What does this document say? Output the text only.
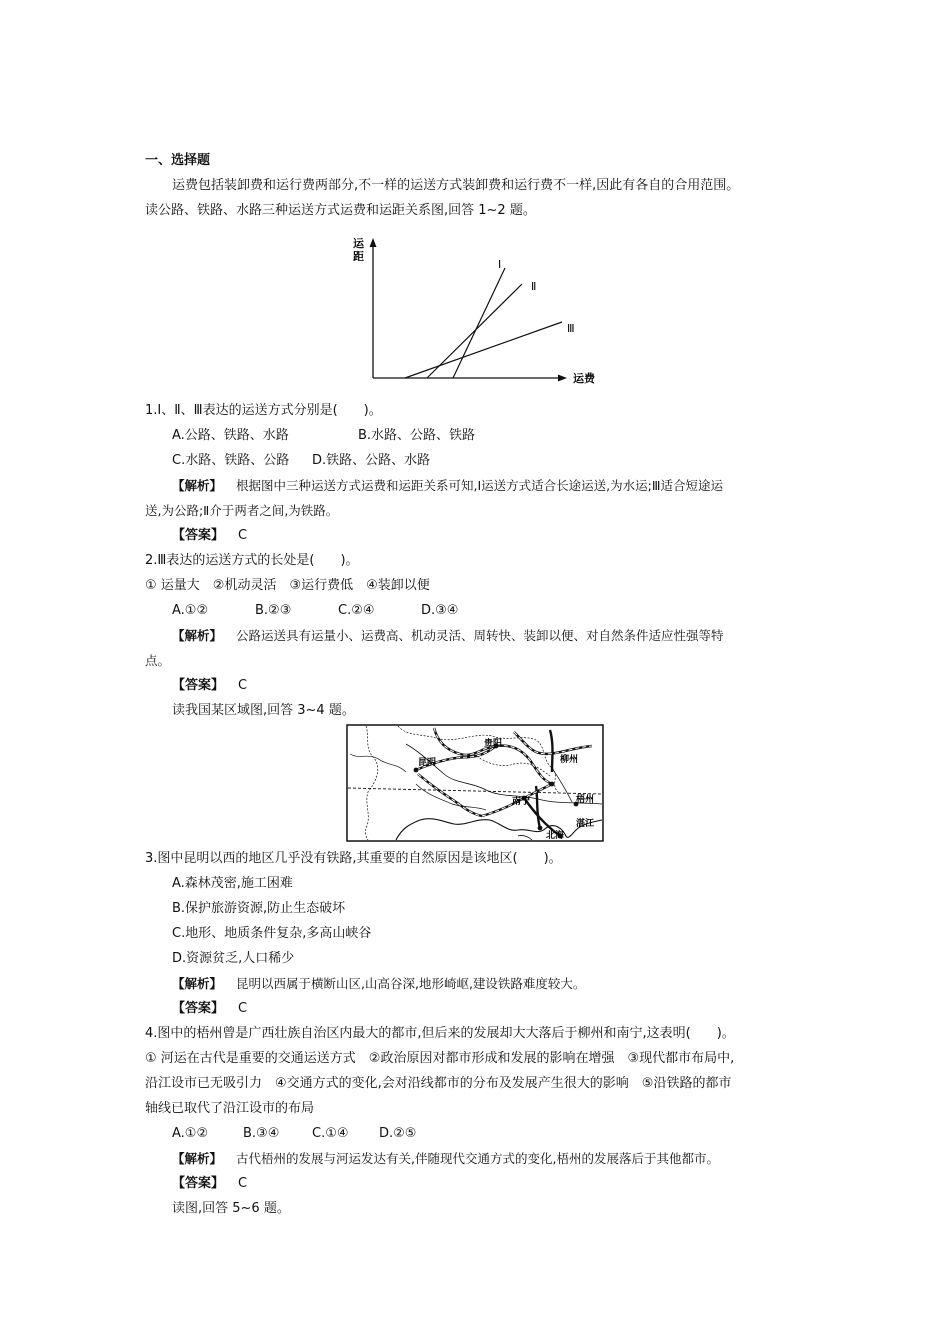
一、选择题
运费包括装卸费和运行费两部分,不一样的运送方式装卸费和运行费不一样,因此有各自的合用范围。
读公路、铁路、水路三种运送方式运费和运距关系图,回答 1~2 题。
运
距
运费
Ⅰ
Ⅱ
Ⅲ
1.Ⅰ、Ⅱ、Ⅲ表达的运送方式分别是(　　)。
A.公路、铁路、水路	B.水路、公路、铁路
C.水路、铁路、公路 D.铁路、公路、水路
【解析】 根据图中三种运送方式运费和运距关系可知,Ⅰ运送方式适合长途运送,为水运;Ⅲ适合短途运
送,为公路;Ⅱ介于两者之间,为铁路。
【答案】 C
2.Ⅲ表达的运送方式的长处是(　　)。
① 运量大　②机动灵活　③运行费低　④装卸以便
A.①②	B.②③	C.②④	D.③④
【解析】 公路运送具有运量小、运费高、机动灵活、周转快、装卸以便、对自然条件适应性强等特
点。
【答案】 C
读我国某区域图,回答 3~4 题。
贵阳
昆明	柳州
南宁	梧州
湛江
北海
3.图中昆明以西的地区几乎没有铁路,其重要的自然原因是该地区(　　)。
A.森林茂密,施工困难
B.保护旅游资源,防止生态破坏
C.地形、地质条件复杂,多高山峡谷
D.资源贫乏,人口稀少
【解析】 昆明以西属于横断山区,山高谷深,地形崎岖,建设铁路难度较大。
【答案】 C
4.图中的梧州曾是广西壮族自治区内最大的都市,但后来的发展却大大落后于柳州和南宁,这表明(　　)。
① 河运在古代是重要的交通运送方式　②政治原因对都市形成和发展的影响在增强　③现代都市布局中,
沿江设市已无吸引力　④交通方式的变化,会对沿线都市的分布及发展产生很大的影响　⑤沿铁路的都市
轴线已取代了沿江设市的布局
A.①②	B.③④	C.①④ D.②⑤
【解析】 古代梧州的发展与河运发达有关,伴随现代交通方式的变化,梧州的发展落后于其他都市。
【答案】 C
读图,回答 5~6 题。
